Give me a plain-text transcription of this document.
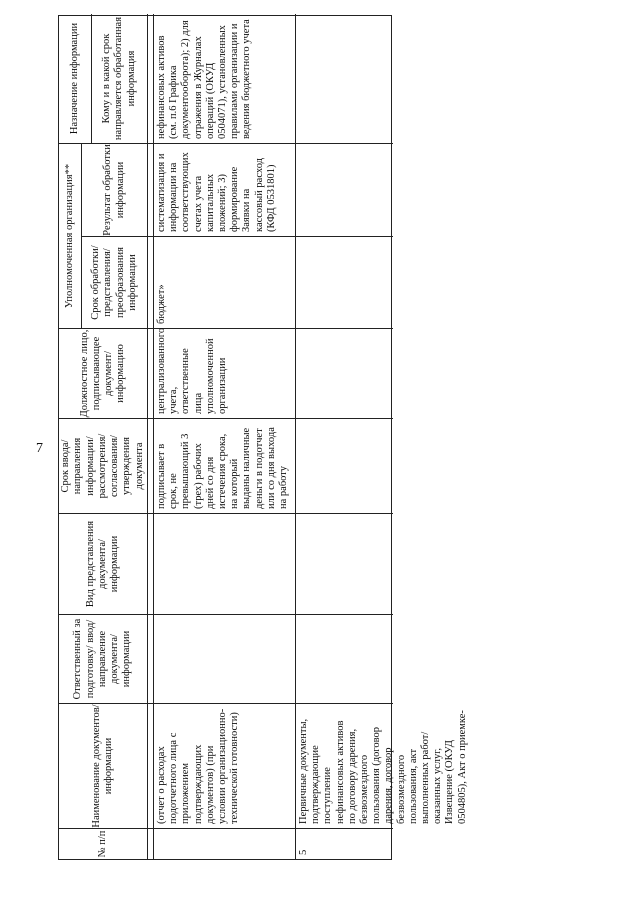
7
№ п/п
Наименование документов/информации
Ответственный за подготовку/ ввод/ направление документа/ информации
Вид представления документа/ информации
Срок ввода/ направления информации/ рассмотрения/ согласования/ утверждения документа
Должностное лицо, подписывающее документ/ информацию
Уполномоченная организация**	Срок обработки/ представления/ преобразования информации
Результат обработки информации
Назначение информации	Кому и в какой срок направляется обработанная информация
(отчет о расходах подотчетного лица с приложением подтверждающих документов) (при условии организационно-технической готовности)
подписывает в срок, не превышающий 3 (трех) рабочих дней со дня истечения срока, на который выданы наличные деньги в подотчет или со дня выхода на работу
централизованного учета, ответственные лица уполномоченной организации
бюджет»
систематизация и информации на соответствующих счетах учета капитальных вложений; 3) формирование Заявки на кассовый расход (КФД 0531801)
нефинансовых активов (см. п.6 Графика документооборота); 2) для отражения в Журналах операций (ОКУД 0504071), установленных правилами организации и ведения бюджетного учета
5
Первичные документы, подтверждающие поступление нефинансовых активов по договору дарения, безвозмездного пользования (договор дарения, договор безвозмездного пользования, акт выполненных работ/оказанных услуг, Извещение (ОКУД 0504805), Акт о приемке-
